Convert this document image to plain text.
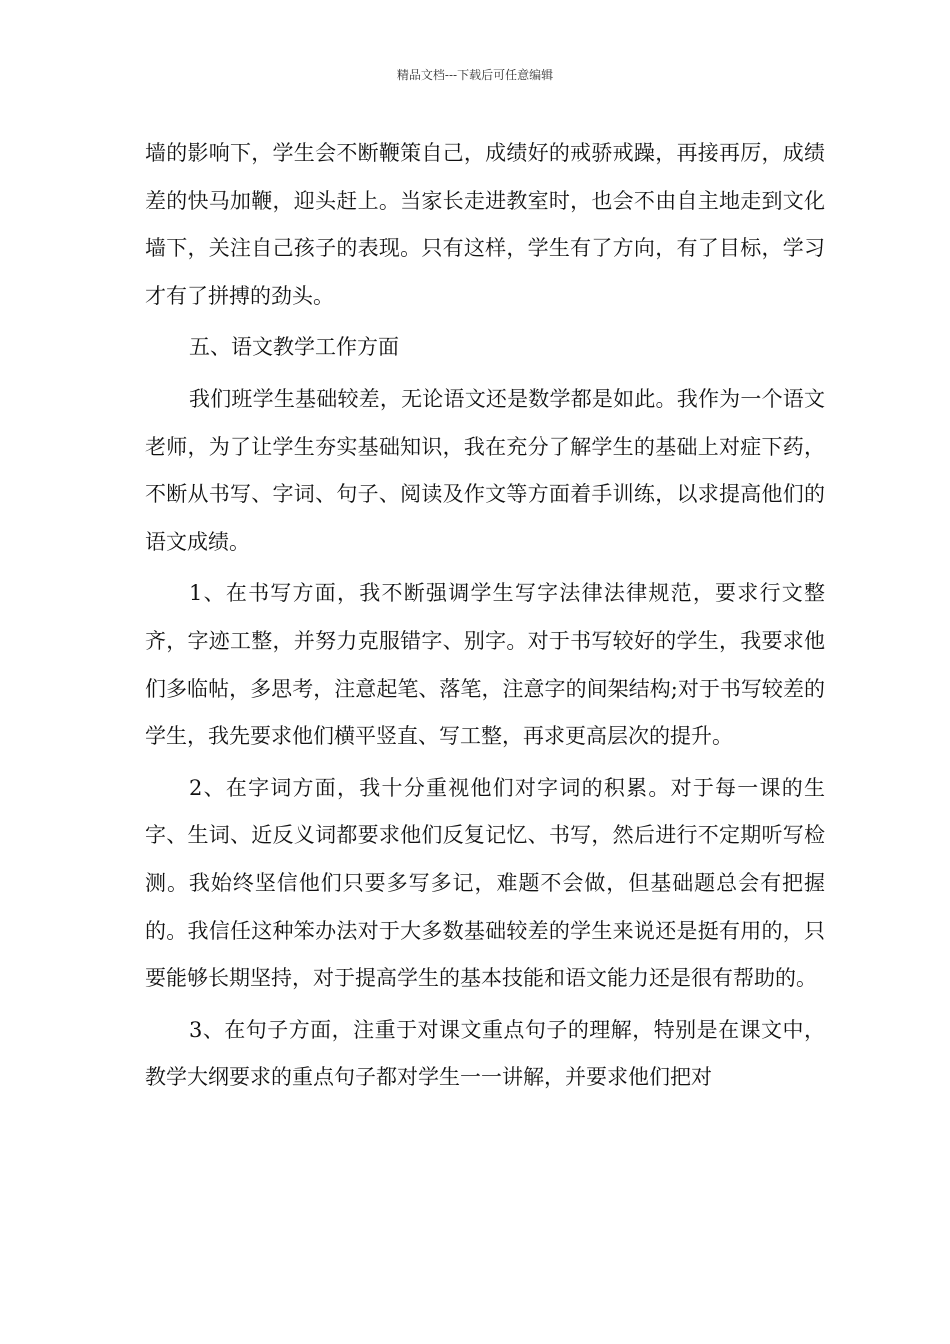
精品文档---下载后可任意编辑

墙的影响下，学生会不断鞭策自己，成绩好的戒骄戒躁，再接再厉，成绩差的快马加鞭，迎头赶上。当家长走进教室时，也会不由自主地走到文化墙下，关注自己孩子的表现。只有这样，学生有了方向，有了目标，学习才有了拼搏的劲头。

五、语文教学工作方面

我们班学生基础较差，无论语文还是数学都是如此。我作为一个语文老师，为了让学生夯实基础知识，我在充分了解学生的基础上对症下药，不断从书写、字词、句子、阅读及作文等方面着手训练，以求提高他们的语文成绩。

1、在书写方面，我不断强调学生写字法律法律规范，要求行文整齐，字迹工整，并努力克服错字、别字。对于书写较好的学生，我要求他们多临帖，多思考，注意起笔、落笔，注意字的间架结构;对于书写较差的学生，我先要求他们横平竖直、写工整，再求更高层次的提升。

2、在字词方面，我十分重视他们对字词的积累。对于每一课的生字、生词、近反义词都要求他们反复记忆、书写，然后进行不定期听写检测。我始终坚信他们只要多写多记，难题不会做，但基础题总会有把握的。我信任这种笨办法对于大多数基础较差的学生来说还是挺有用的，只要能够长期坚持，对于提高学生的基本技能和语文能力还是很有帮助的。

3、在句子方面，注重于对课文重点句子的理解，特别是在课文中，教学大纲要求的重点句子都对学生一一讲解，并要求他们把对
